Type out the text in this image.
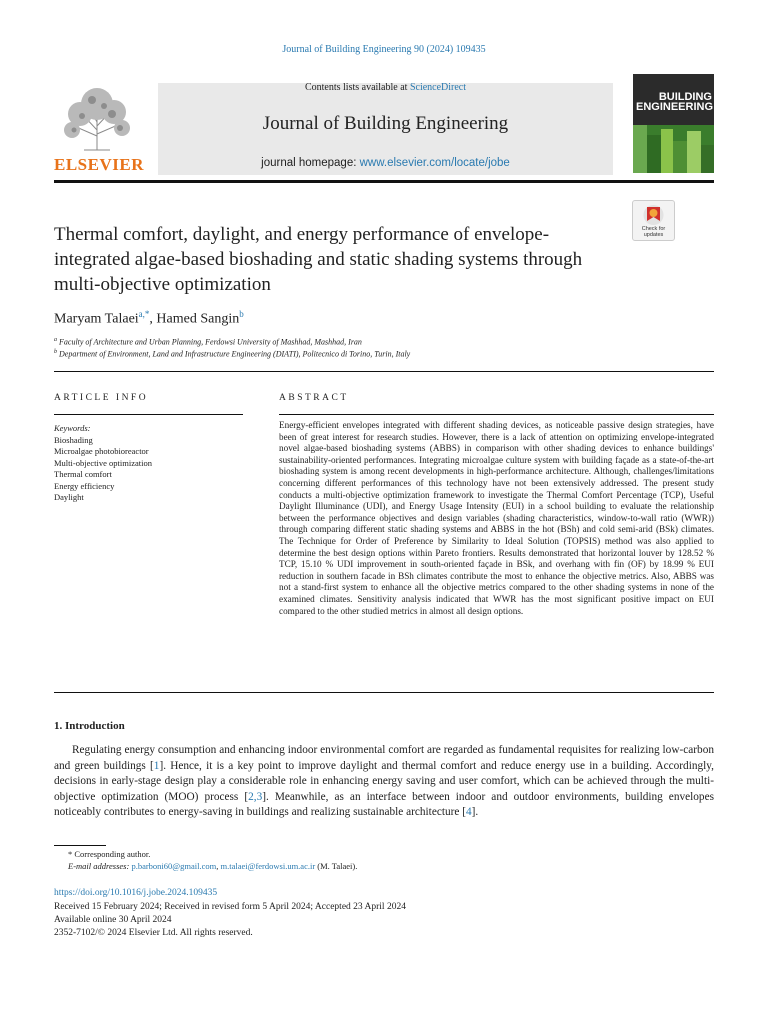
Journal of Building Engineering 90 (2024) 109435
Contents lists available at ScienceDirect
Journal of Building Engineering
journal homepage: www.elsevier.com/locate/jobe
ELSEVIER
BUILDING
ENGINEERING
Check for
updates
Thermal comfort, daylight, and energy performance of envelope-integrated algae-based bioshading and static shading systems through multi-objective optimization
Maryam Talaei$^{a,*}$, Hamed Sangin$^b$
$^a$ Faculty of Architecture and Urban Planning, Ferdowsi University of Mashhad, Mashhad, Iran
$^b$ Department of Environment, Land and Infrastructure Engineering (DIATI), Politecnico di Torino, Turin, Italy
ARTICLE INFO
Keywords:
Bioshading
Microalgae photobioreactor
Multi-objective optimization
Thermal comfort
Energy efficiency
Daylight
ABSTRACT
Energy-efficient envelopes integrated with different shading devices, as noticeable passive design strategies, have been of great interest for research studies. However, there is a lack of attention on optimizing envelope-integrated novel algae-based bioshading systems (ABBS) in comparison with other shading devices to enhance buildings' sustainability-oriented performances. Integrating microalgae culture system with building façade as a state-of-the-art bioshading system is among recent developments in high-performance architecture. Although, challenges/limitations concerning different performances of this technology have not been extensively addressed. The present study conducts a multi-objective optimization framework to investigate the Thermal Comfort Percentage (TCP), Useful Daylight Illuminance (UDI), and Energy Usage Intensity (EUI) in a school building to evaluate the relationship between the performance objectives and design variables (shading characteristics, window-to-wall ratio (WWR)) through comparing different static shading systems and ABBS in the hot (BSh) and cold semi-arid (BSk) climates. The Technique for Order of Preference by Similarity to Ideal Solution (TOPSIS) method was also applied to determine the best design options within Pareto frontiers. Results demonstrated that horizontal louver by 128.52 % TCP, 15.10 % UDI improvement in south-oriented façade in BSk, and overhang with fin (OF) by 18.99 % EUI reduction in southern facade in BSh climates contribute the most to enhance the objective metrics. Also, ABBS was not a stand-first system to enhance all the objective metrics compared to the other shading systems in none of the examined climates. Sensitivity analysis indicated that WWR has the most significant positive impact on EUI compared to the other studied metrics in almost all design options.
1. Introduction
Regulating energy consumption and enhancing indoor environmental comfort are regarded as fundamental requisites for realizing low-carbon and green buildings [1]. Hence, it is a key point to improve daylight and thermal comfort and reduce energy use in a building. Accordingly, decisions in early-stage design play a considerable role in enhancing energy saving and user comfort, which can be achieved through the multi-objective optimization (MOO) process [2,3]. Meanwhile, as an interface between indoor and outdoor environments, building envelopes noticeably contributes to energy-saving in buildings and realizing sustainable architecture [4].
* Corresponding author.
E-mail addresses: p.barboni60@gmail.com, m.talaei@ferdowsi.um.ac.ir (M. Talaei).
https://doi.org/10.1016/j.jobe.2024.109435
Received 15 February 2024; Received in revised form 5 April 2024; Accepted 23 April 2024
Available online 30 April 2024
2352-7102/© 2024 Elsevier Ltd. All rights reserved.
